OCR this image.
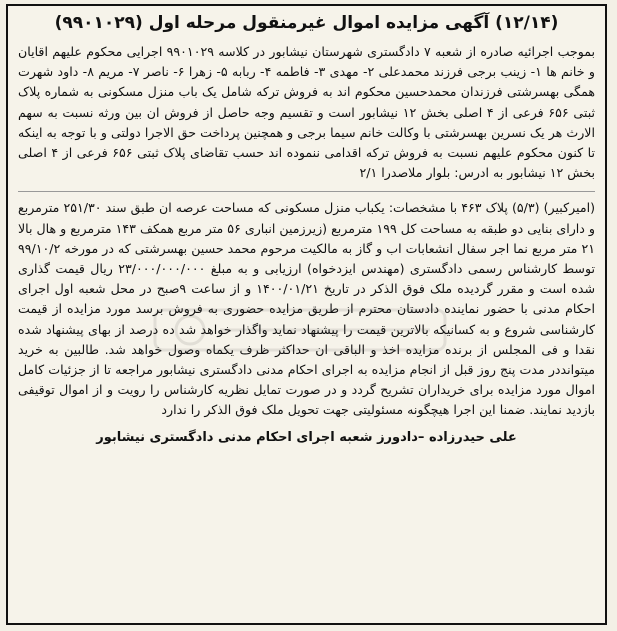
(۱۲/۱۴) آگهی مزایده اموال غیرمنقول مرحله اول (۹۹۰۱۰۲۹)

بموجب اجرائیه صادره از شعبه ۷ دادگستری شهرستان نیشابور در کلاسه ۹۹۰۱۰۲۹ اجرایی محکوم علیهم اقایان و خانم ها ۱- زینب برجی فرزند محمدعلی ۲- مهدی ۳- فاطمه ۴- ربابه ۵- زهرا ۶- ناصر ۷- مریم ۸- داود شهرت همگی بهسرشتی فرزندان محمدحسین محکوم اند به فروش ترکه شامل یک باب منزل مسکونی به شماره پلاک ثبتی ۶۵۶ فرعی از ۴ اصلی بخش ۱۲ نیشابور است و تقسیم وجه حاصل از فروش ان بین ورثه نسبت به سهم الارث هر یک نسرین بهسرشتی با وکالت خانم سیما برجی و همچنین پرداخت حق الاجرا دولتی و با توجه به اینکه تا کنون محکوم علیهم نسبت به فروش ترکه اقدامی ننموده اند حسب تقاضای پلاک ثبتی ۶۵۶ فرعی از ۴ اصلی بخش ۱۲ نیشابور به ادرس: بلوار ملاصدرا ۲/۱

(امیرکبیر) (۵/۳) پلاک ۴۶۳ با مشخصات: یکباب منزل مسکونی که مساحت عرصه ان طبق سند ۲۵۱/۳۰ مترمربع و دارای بنایی دو طبقه به مساحت کل ۱۹۹ مترمربع (زیرزمین انباری ۵۶ متر مربع همکف ۱۴۳ مترمربع و هال بالا ۲۱ متر مربع نما اجر سفال انشعابات اب و گاز به مالکیت مرحوم محمد حسین بهسرشتی که در مورخه ۹۹/۱۰/۲ توسط کارشناس رسمی دادگستری (مهندس ایزدخواه) ارزیابی و به مبلغ ۲۳/۰۰۰/۰۰۰/۰۰۰ ریال قیمت گذاری شده است و مقرر گردیده ملک فوق الذکر در تاریخ ۱۴۰۰/۰۱/۲۱ و از ساعت ۹صبح در محل شعبه اول اجرای احکام مدنی با حضور نماینده دادستان محترم از طریق مزایده حضوری به فروش برسد مورد مزایده از قیمت کارشناسی شروع و به کسانیکه بالاترین قیمت را پیشنهاد نماید واگذار خواهد شد ده درصد از بهای پیشنهاد شده نقدا و فی المجلس از برنده مزایده اخذ و الباقی ان حداکثر ظرف یکماه وصول خواهد شد. طالبین به خرید میتوانددر مدت پنج روز قبل از انجام مزایده به اجرای احکام مدنی دادگستری نیشابور مراجعه تا از جزئیات کامل اموال مورد مزایده برای خریداران تشریح گردد و در صورت تمایل نظریه کارشناس را رویت و از اموال توقیفی بازدید نمایند. ضمنا این اجرا هیچگونه مسئولیتی جهت تحویل ملک فوق الذکر را ندارد

علی حیدرزاده –دادورز شعبه اجرای احکام مدنی دادگستری نیشابور
